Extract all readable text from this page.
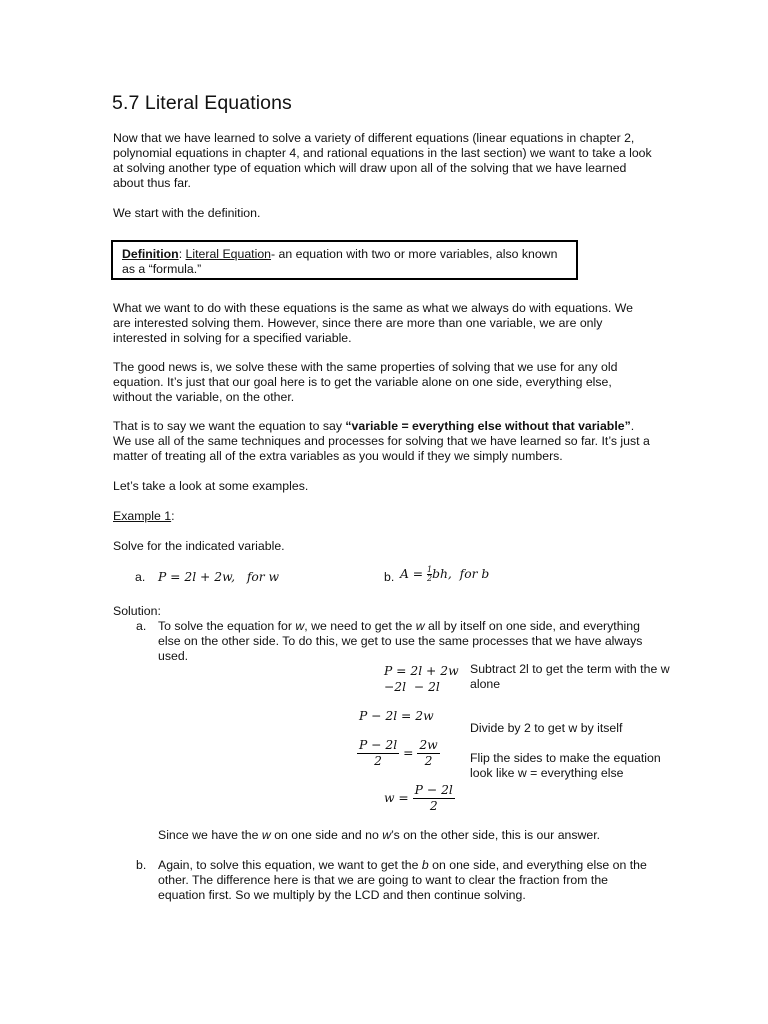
5.7 Literal Equations
Now that we have learned to solve a variety of different equations (linear equations in chapter 2, polynomial equations in chapter 4, and rational equations in the last section) we want to take a look at solving another type of equation which will draw upon all of the solving that we have learned about thus far.
We start with the definition.
Definition: Literal Equation- an equation with two or more variables, also known as a “formula.”
What we want to do with these equations is the same as what we always do with equations. We are interested solving them. However, since there are more than one variable, we are only interested in solving for a specified variable.
The good news is, we solve these with the same properties of solving that we use for any old equation. It’s just that our goal here is to get the variable alone on one side, everything else, without the variable, on the other.
That is to say we want the equation to say “variable = everything else without that variable”.
We use all of the same techniques and processes for solving that we have learned so far. It’s just a matter of treating all of the extra variables as you would if they we simply numbers.
Let’s take a look at some examples.
Example 1:
Solve for the indicated variable.
a. P = 2l + 2w, for w	b. $A = \frac{1}{2}bh$, for b
Solution:
a. To solve the equation for w, we need to get the w all by itself on one side, and everything else on the other side. To do this, we get to use the same processes that we have always used.
P = 2l + 2w
−2l  − 2l
P − 2l = 2w
$\frac{P - 2l}{2} = \frac{2w}{2}$
$w = \frac{P - 2l}{2}$
Subtract 2l to get the term with the w alone
Divide by 2 to get w by itself
Flip the sides to make the equation look like w = everything else
Since we have the w on one side and no w’s on the other side, this is our answer.
b. Again, to solve this equation, we want to get the b on one side, and everything else on the other. The difference here is that we are going to want to clear the fraction from the equation first. So we multiply by the LCD and then continue solving.
